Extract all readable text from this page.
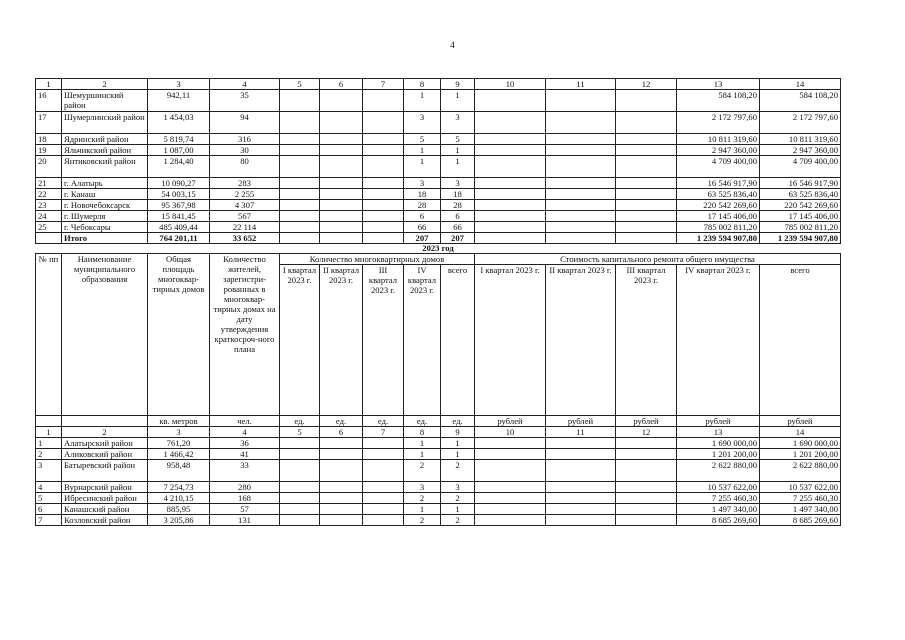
4
1	2	3	4	5	6	7	8	9	10	11	12	13	14
16	Шемуршинский район	942,11	35				1	1				584 108,20	584 108,20
17	Шумерлинский район	1 454,03	94				3	3				2 172 797,60	2 172 797,60
18	Ядринский район	5 819,74	316				5	5				10 811 319,60	10 811 319,60
19	Яльчикский район	1 087,00	30				1	1				2 947 360,00	2 947 360,00
20	Янтиковский район	1 284,40	80				1	1				4 709 400,00	4 709 400,00
21	г. Алатырь	10 090,27	283				3	3				16 546 917,90	16 546 917,90
22	г. Канаш	54 003,15	2 255				18	18				63 525 836,40	63 525 836,40
23	г. Новочебоксарск	95 367,98	4 307				28	28				220 542 269,60	220 542 269,60
24	г. Шумерля	15 841,45	567				6	6				17 145 406,00	17 145 406,00
25	г. Чебоксары	485 409,44	22 114				66	66				785 002 811,20	785 002 811,20
	Итого	764 201,11	33 652				207	207				1 239 594 907,80	1 239 594 907,80
2023 год													
№ пп	Наименование муниципального образования	Общая площадь многоквар-тирных домов	Количество жителей, зарегистри-рованных в многоквар-тирных домах на дату утверждения краткосроч-ного плана	Количество многоквартирных домов					Стоимость капитального ремонта общего имущества				
				I квартал 2023 г.	II квартал 2023 г.	III квартал 2023 г.	IV квартал 2023 г.	всего	I квартал 2023 г.	II квартал 2023 г.	III квартал 2023 г.	IV квартал 2023 г.	всего
		кв. метров	чел.	ед.	ед.	ед.	ед.	ед.	рублей	рублей	рублей	рублей	рублей
1	2	3	4	5	6	7	8	9	10	11	12	13	14
1	Алатырский район	761,20	36				1	1				1 690 000,00	1 690 000,00
2	Аликовский район	1 466,42	41				1	1				1 201 200,00	1 201 200,00
3	Батыревский район	958,48	33				2	2				2 622 880,00	2 622 880,00
4	Вурнарский район	7 254,73	280				3	3				10 537 622,00	10 537 622,00
5	Ибресинский район	4 210,15	168				2	2				7 255 460,30	7 255 460,30
6	Канашский район	885,95	57				1	1				1 497 340,00	1 497 340,00
7	Козловский район	3 205,86	131				2	2				8 685 269,60	8 685 269,60
